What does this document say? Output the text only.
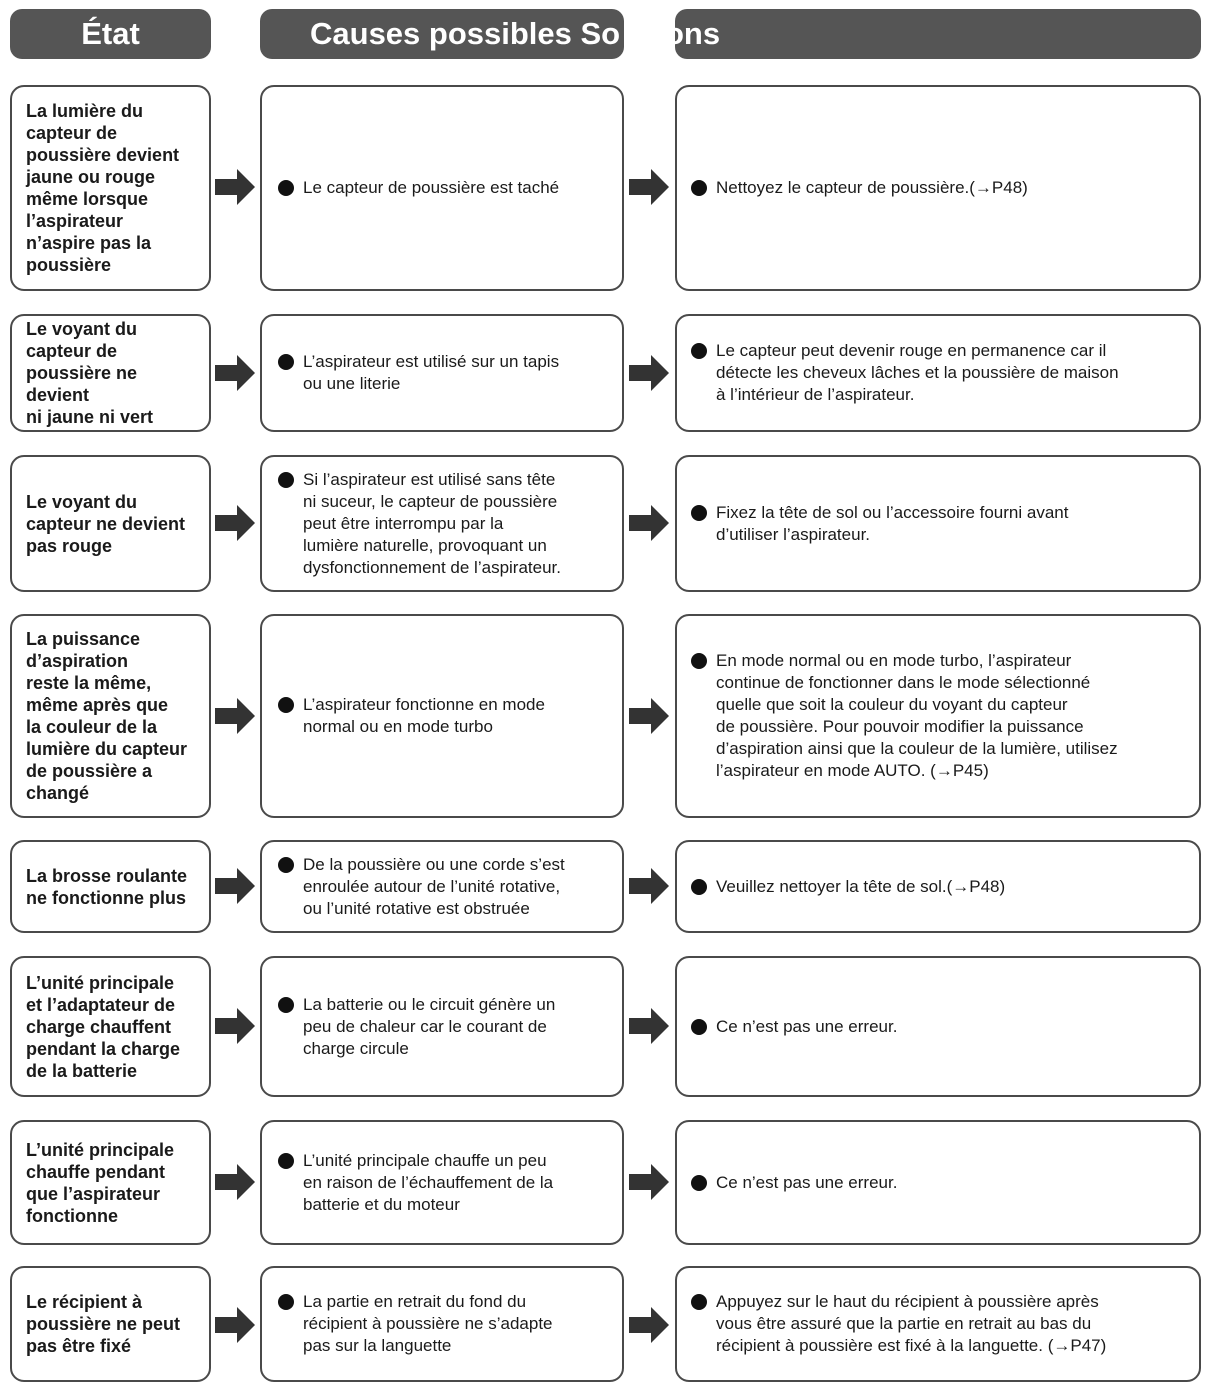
État	Causes possibles So ons
La lumière du
capteur de
poussière devient
jaune ou rouge
même lorsque
l’aspirateur
n’aspire pas la
poussière
Le capteur de poussière est taché	Nettoyez le capteur de poussière.(→P48)
Le voyant du
capteur de
poussière ne devient
ni jaune ni vert
L’aspirateur est utilisé sur un tapis
ou une literie
Le capteur peut devenir rouge en permanence car il
détecte les cheveux lâches et la poussière de maison
à l’intérieur de l’aspirateur.
Le voyant du
capteur ne devient
pas rouge
Si l’aspirateur est utilisé sans tête
ni suceur, le capteur de poussière
peut être interrompu par la
lumière naturelle, provoquant un
dysfonctionnement de l’aspirateur.
Fixez la tête de sol ou l’accessoire fourni avant
d’utiliser l’aspirateur.
La puissance
d’aspiration
reste la même,
même après que
la couleur de la
lumière du capteur
de poussière a
changé
L’aspirateur fonctionne en mode
normal ou en mode turbo
En mode normal ou en mode turbo, l’aspirateur
continue de fonctionner dans le mode sélectionné
quelle que soit la couleur du voyant du capteur
de poussière. Pour pouvoir modifier la puissance
d’aspiration ainsi que la couleur de la lumière, utilisez
l’aspirateur en mode AUTO. (→P45)
La brosse roulante
ne fonctionne plus
De la poussière ou une corde s’est
enroulée autour de l’unité rotative,
ou l’unité rotative est obstruée
Veuillez nettoyer la tête de sol.(→P48)
L’unité principale
et l’adaptateur de
charge chauffent
pendant la charge
de la batterie
La batterie ou le circuit génère un
peu de chaleur car le courant de
charge circule
Ce n’est pas une erreur.
L’unité principale
chauffe pendant
que l’aspirateur
fonctionne
L’unité principale chauffe un peu
en raison de l’échauffement de la
batterie et du moteur
Ce n’est pas une erreur.
Le récipient à
poussière ne peut
pas être fixé
La partie en retrait du fond du
récipient à poussière ne s’adapte
pas sur la languette
Appuyez sur le haut du récipient à poussière après
vous être assuré que la partie en retrait au bas du
récipient à poussière est fixé à la languette. (→P47)
